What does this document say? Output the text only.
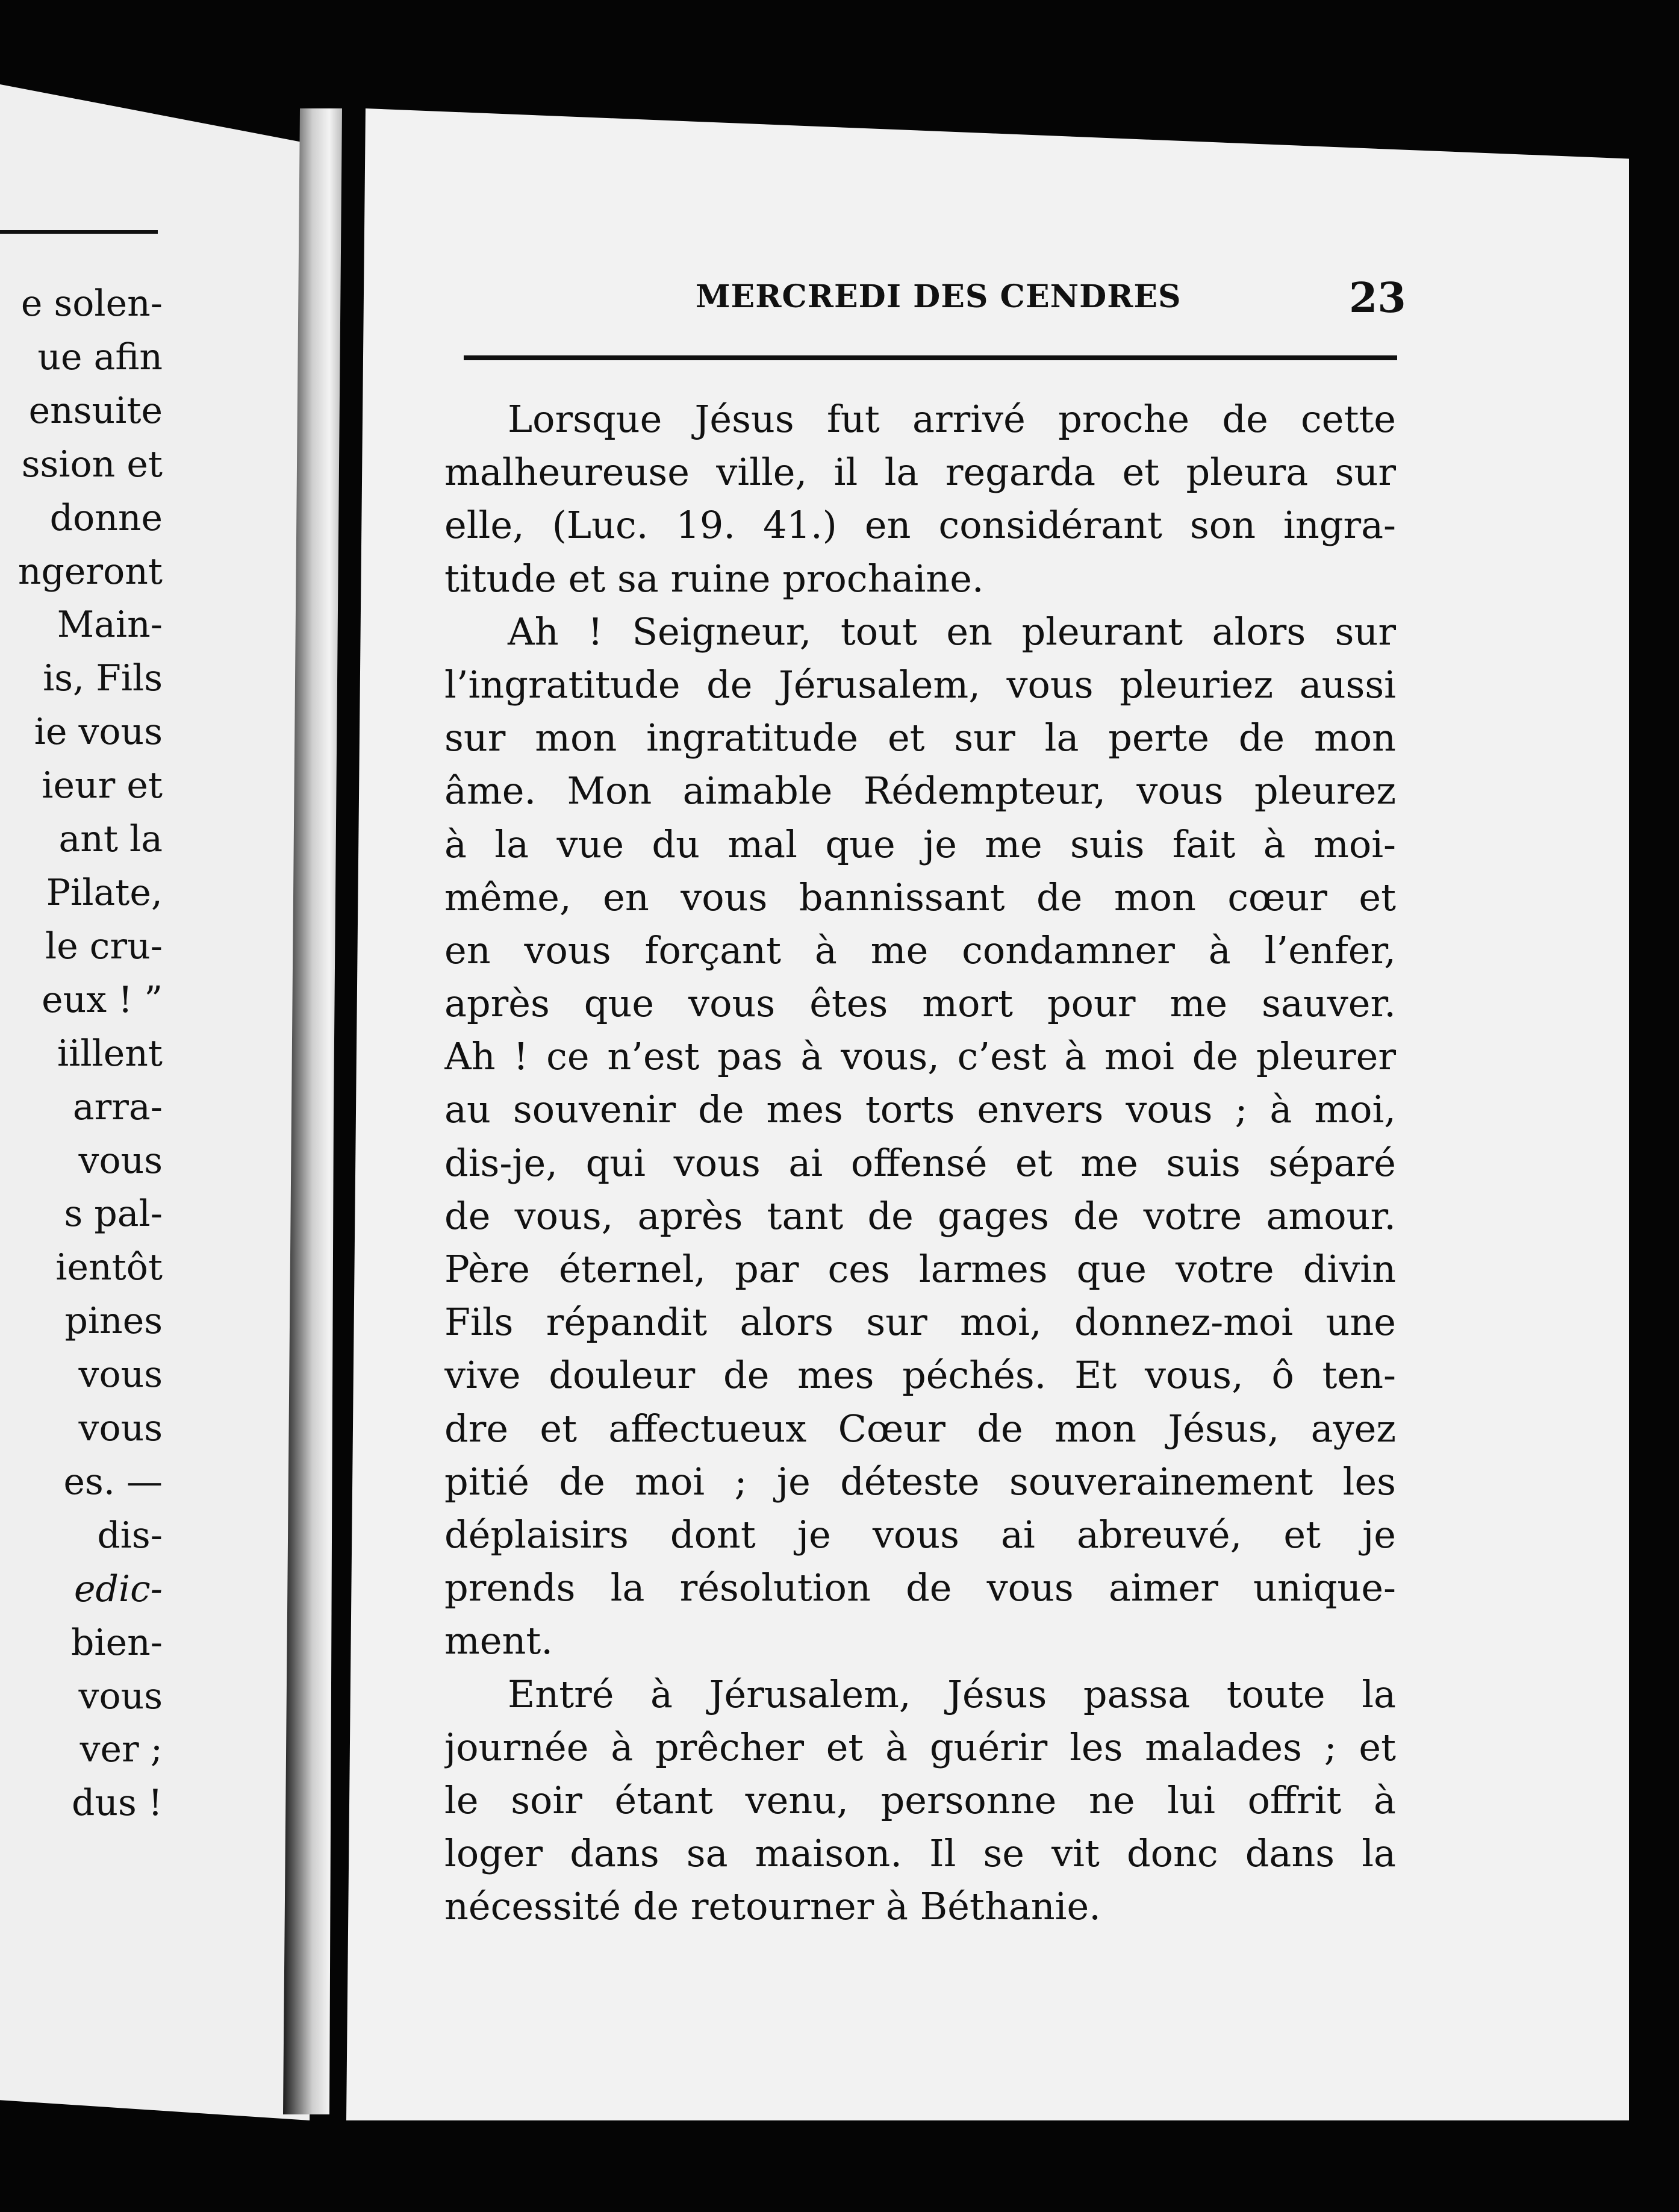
e solen-
ue afin
ensuite
ssion et
donne
ngeront
Main-
is, Fils
ie vous
ieur et
ant la
Pilate,
le cru-
eux ! ”
iillent
arra-
vous
s pal-
ientôt
pines
vous
vous
es. —
dis-
edic-
bien-
vous
ver ;
dus !
MERCREDI DES CENDRES	23
Lorsque Jésus fut arrivé proche de cette
malheureuse ville, il la regarda et pleura sur
elle, (Luc. 19. 41.) en considérant son ingra-
titude et sa ruine prochaine.
Ah ! Seigneur, tout en pleurant alors sur
l’ingratitude de Jérusalem, vous pleuriez aussi
sur mon ingratitude et sur la perte de mon
âme. Mon aimable Rédempteur, vous pleurez
à la vue du mal que je me suis fait à moi-
même, en vous bannissant de mon cœur et
en vous forçant à me condamner à l’enfer,
après que vous êtes mort pour me sauver.
Ah ! ce n’est pas à vous, c’est à moi de pleurer
au souvenir de mes torts envers vous ; à moi,
dis-je, qui vous ai offensé et me suis séparé
de vous, après tant de gages de votre amour.
Père éternel, par ces larmes que votre divin
Fils répandit alors sur moi, donnez-moi une
vive douleur de mes péchés. Et vous, ô ten-
dre et affectueux Cœur de mon Jésus, ayez
pitié de moi ; je déteste souverainement les
déplaisirs dont je vous ai abreuvé, et je
prends la résolution de vous aimer unique-
ment.
Entré à Jérusalem, Jésus passa toute la
journée à prêcher et à guérir les malades ; et
le soir étant venu, personne ne lui offrit à
loger dans sa maison. Il se vit donc dans la
nécessité de retourner à Béthanie.
